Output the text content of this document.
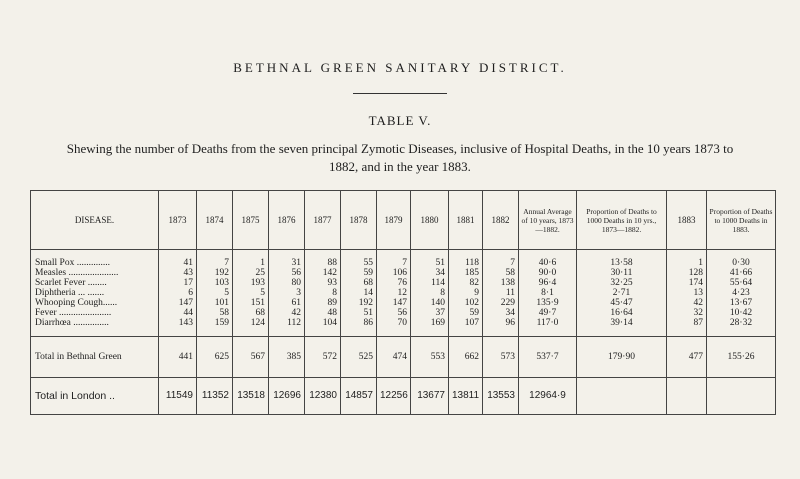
BETHNAL GREEN SANITARY DISTRICT.
TABLE V.
Shewing the number of Deaths from the seven principal Zymotic Diseases, inclusive of Hospital Deaths, in the 10 years 1873 to 1882, and in the year 1883.
DISEASE.	1873	1874	1875	1876	1877	1878	1879	1880	1881	1882	Annual Average of 10 years, 1873—1882.	Proportion of Deaths to 1000 Deaths in 10 yrs., 1873—1882.	1883	Proportion of Deaths to 1000 Deaths in 1883.

Small Pox ..............	41	7	1	31	88	55	7	51	118	7	40·6	13·58	1	0·30
Measles .....................	43	192	25	56	142	59	106	34	185	58	90·0	30·11	128	41·66
Scarlet Fever ........	17	103	193	80	93	68	76	114	82	138	96·4	32·25	174	55·64
Diphtheria ... .......	6	5	5	3	8	14	12	8	9	11	8·1	2·71	13	4·23
Whooping Cough......	147	101	151	61	89	192	147	140	102	229	135·9	45·47	42	13·67
Fever ......................	44	58	68	42	48	51	56	37	59	34	49·7	16·64	32	10·42
Diarrhœa ...............	143	159	124	112	104	86	70	169	107	96	117·0	39·14	87	28·32

Total in Bethnal Green	441	625	567	385	572	525	474	553	662	573	537·7	179·90	477	155·26
Total in London ..	11549	11352	13518	12696	12380	14857	12256	13677	13811	13553	12964·9			
